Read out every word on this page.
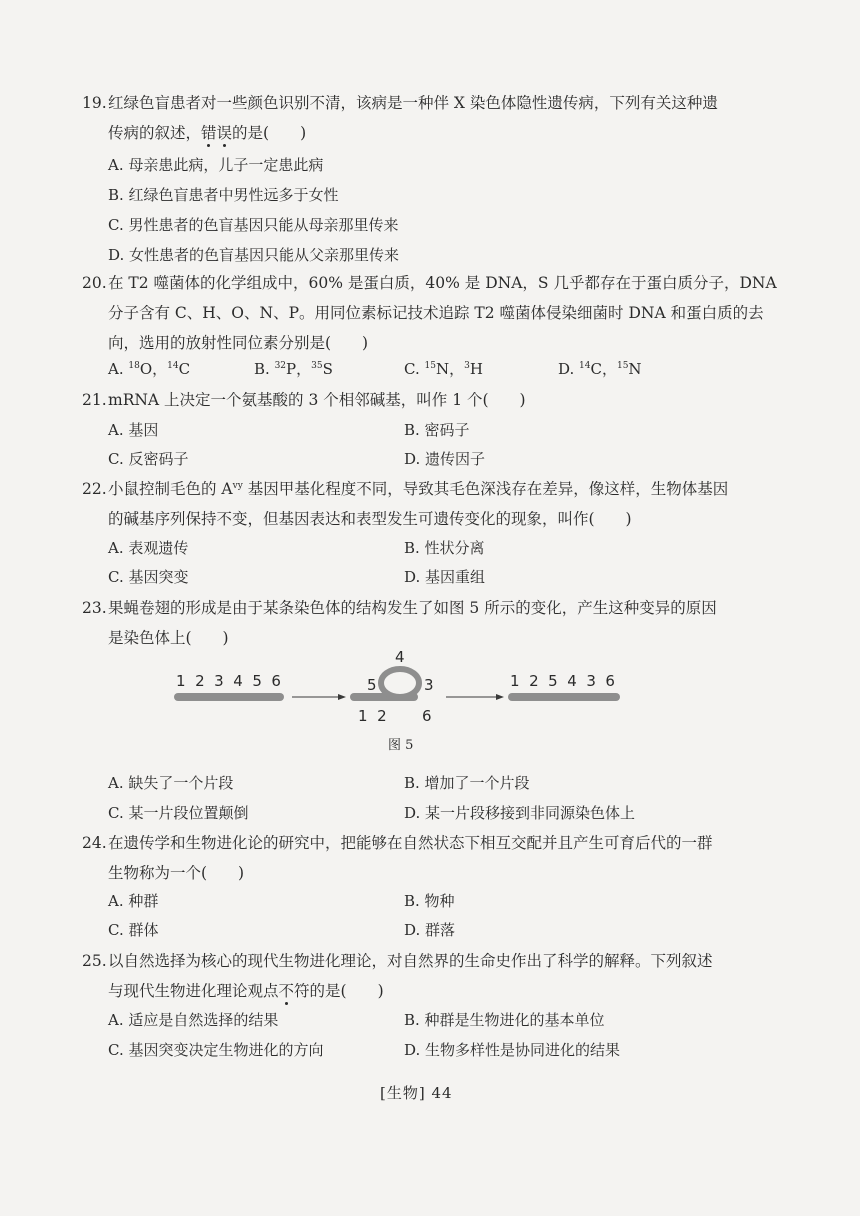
19.红绿色盲患者对一些颜色识别不清，该病是一种伴 X 染色体隐性遗传病，下列有关这种遗
传病的叙述，错误的是(　　)
A. 母亲患此病，儿子一定患此病
B. 红绿色盲患者中男性远多于女性
C. 男性患者的色盲基因只能从母亲那里传来
D. 女性患者的色盲基因只能从父亲那里传来
20.在 T2 噬菌体的化学组成中，60% 是蛋白质，40% 是 DNA，S 几乎都存在于蛋白质分子，DNA
分子含有 C、H、O、N、P。用同位素标记技术追踪 T2 噬菌体侵染细菌时 DNA 和蛋白质的去
向，选用的放射性同位素分别是(　　)
A. $^{18}$O，$^{14}$C	B. $^{32}$P，$^{35}$S	C. $^{15}$N，$^3$H	D. $^{14}$C，$^{15}$N
21.mRNA 上决定一个氨基酸的 3 个相邻碱基，叫作 1 个(　　)
A. 基因	B. 密码子
C. 反密码子	D. 遗传因子
22.小鼠控制毛色的 $A^{vy}$ 基因甲基化程度不同，导致其毛色深浅存在差异，像这样，生物体基因
的碱基序列保持不变，但基因表达和表型发生可遗传变化的现象，叫作(　　)
A. 表观遗传	B. 性状分离
C. 基因突变	D. 基因重组
23.果蝇卷翅的形成是由于某条染色体的结构发生了如图 5 所示的变化，产生这种变异的原因
是染色体上(　　)
1  2  3  4  5  6
4
5	3
1  2 6
1  2  5  4  3  6
图 5
A. 缺失了一个片段	B. 增加了一个片段
C. 某一片段位置颠倒	D. 某一片段移接到非同源染色体上
24.在遗传学和生物进化论的研究中，把能够在自然状态下相互交配并且产生可育后代的一群
生物称为一个(　　)
A. 种群	B. 物种
C. 群体	D. 群落
25.以自然选择为核心的现代生物进化理论，对自然界的生命史作出了科学的解释。下列叙述
与现代生物进化理论观点不符的是(　　)
A. 适应是自然选择的结果	B. 种群是生物进化的基本单位
C. 基因突变决定生物进化的方向	D. 生物多样性是协同进化的结果
[生物] 44
